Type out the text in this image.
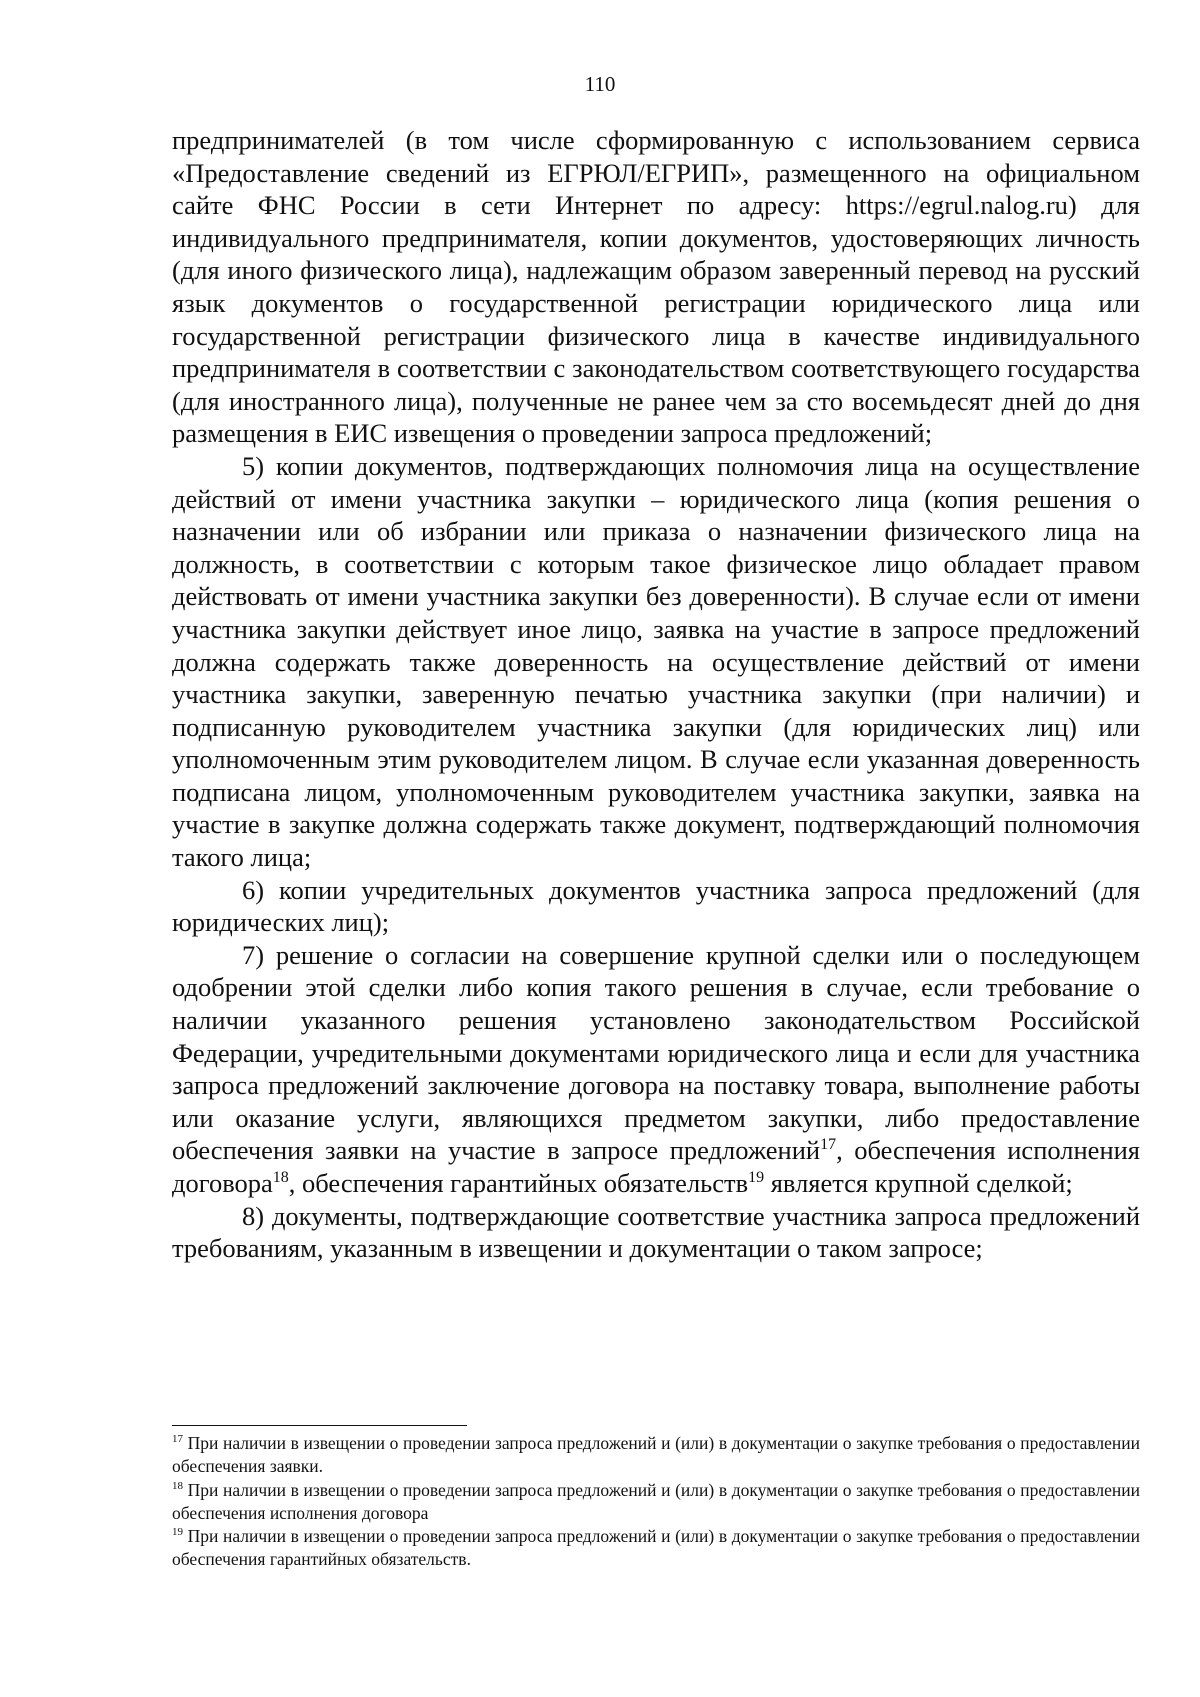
110

предпринимателей (в том числе сформированную с использованием сервиса «Предоставление сведений из ЕГРЮЛ/ЕГРИП», размещенного на официальном сайте ФНС России в сети Интернет по адресу: https://egrul.nalog.ru) для индивидуального предпринимателя, копии документов, удостоверяющих личность (для иного физического лица), надлежащим образом заверенный перевод на русский язык документов о государственной регистрации юридического лица или государственной регистрации физического лица в качестве индивидуального предпринимателя в соответствии с законодательством соответствующего государства (для иностранного лица), полученные не ранее чем за сто восемьдесят дней до дня размещения в ЕИС извещения о проведении запроса предложений;

5) копии документов, подтверждающих полномочия лица на осуществление действий от имени участника закупки – юридического лица (копия решения о назначении или об избрании или приказа о назначении физического лица на должность, в соответствии с которым такое физическое лицо обладает правом действовать от имени участника закупки без доверенности). В случае если от имени участника закупки действует иное лицо, заявка на участие в запросе предложений должна содержать также доверенность на осуществление действий от имени участника закупки, заверенную печатью участника закупки (при наличии) и подписанную руководителем участника закупки (для юридических лиц) или уполномоченным этим руководителем лицом. В случае если указанная доверенность подписана лицом, уполномоченным руководителем участника закупки, заявка на участие в закупке должна содержать также документ, подтверждающий полномочия такого лица;

6) копии учредительных документов участника запроса предложений (для юридических лиц);

7) решение о согласии на совершение крупной сделки или о последующем одобрении этой сделки либо копия такого решения в случае, если требование о наличии указанного решения установлено законодательством Российской Федерации, учредительными документами юридического лица и если для участника запроса предложений заключение договора на поставку товара, выполнение работы или оказание услуги, являющихся предметом закупки, либо предоставление обеспечения заявки на участие в запросе предложений$^{17}$, обеспечения исполнения договора$^{18}$, обеспечения гарантийных обязательств$^{19}$ является крупной сделкой;

8) документы, подтверждающие соответствие участника запроса предложений требованиям, указанным в извещении и документации о таком запросе;

$^{17}$ При наличии в извещении о проведении запроса предложений и (или) в документации о закупке требования о предоставлении обеспечения заявки.

$^{18}$ При наличии в извещении о проведении запроса предложений и (или) в документации о закупке требования о предоставлении обеспечения исполнения договора

$^{19}$ При наличии в извещении о проведении запроса предложений и (или) в документации о закупке требования о предоставлении обеспечения гарантийных обязательств.
